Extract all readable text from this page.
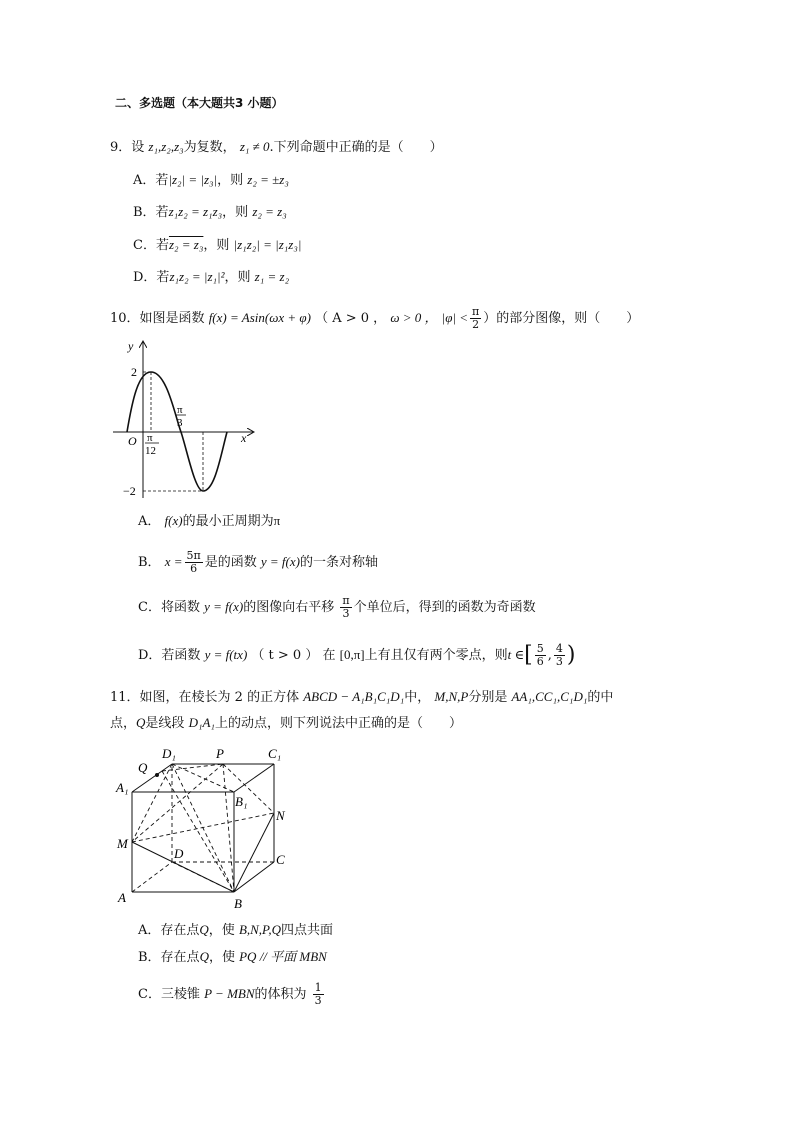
二、多选题（本大题共3 小题）
9．设 z₁,z₂,z₃为复数， z₁ ≠ 0.下列命题中正确的是（　　）
A．若|z₂| = |z₃|，则 z₂ = ±z₃
B．若z₁z₂ = z₁z₃，则 z₂ = z₃
C．若z₂ = z₃，则 |z₁z₂| = |z₁z₃|
D．若z₁z₂ = |z₁|²，则 z₁ = z₂
10．如图是函数 f(x) = Asin(ωx + φ) （ A > 0 ， ω > 0 ， $|\varphi| < \frac{\pi}{2}$ ）的部分图像，则（　　）
y
x
O
2
−2
π
12
π
3
A． f(x)的最小正周期为π
B． $x = \frac{5\pi}{6}$ 是的函数 y = f(x)的一条对称轴
C．将函数 y = f(x)的图像向右平移 $\frac{\pi}{3}$ 个单位后，得到的函数为奇函数
D．若函数 y = f(tx) （ t > 0 ） 在 [0,π]上有且仅有两个零点，则t ∈[ $\frac{5}{6}$ , $\frac{4}{3}$ )
11．如图，在棱长为 2 的正方体 ABCD − A₁B₁C₁D₁中， M,N,P分别是 AA₁,CC₁,C₁D₁的中
点，Q是线段 D₁A₁上的动点，则下列说法中正确的是（　　）
A	B
C
D
A₁
B₁
C₁
D₁
M
N
P
Q
A．存在点Q，使 B,N,P,Q四点共面
B．存在点Q，使 PQ // 平面 MBN
C．三棱锥 P − MBN的体积为 $\frac{1}{3}$
